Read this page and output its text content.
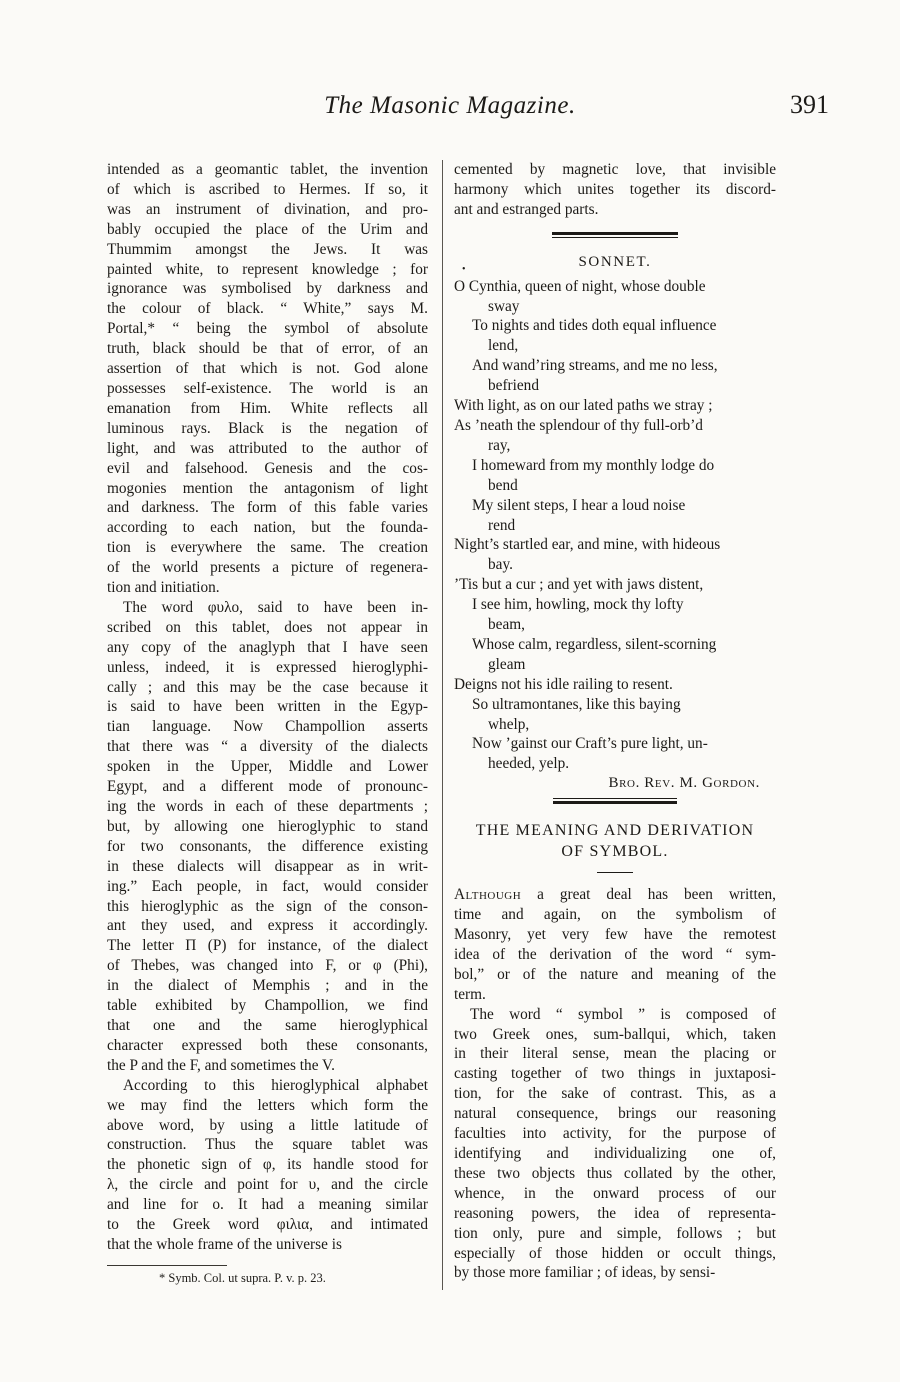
The Masonic Magazine.	391

intended as a geomantic tablet, the invention
of which is ascribed to Hermes. If so, it
was an instrument of divination, and pro-
bably occupied the place of the Urim and
Thummim amongst the Jews. It was
painted white, to represent knowledge ; for
ignorance was symbolised by darkness and
the colour of black. “ White,” says M.
Portal,* “ being the symbol of absolute
truth, black should be that of error, of an
assertion of that which is not. God alone
possesses self-existence. The world is an
emanation from Him. White reflects all
luminous rays. Black is the negation of
light, and was attributed to the author of
evil and falsehood. Genesis and the cos-
mogonies mention the antagonism of light
and darkness. The form of this fable varies
according to each nation, but the founda-
tion is everywhere the same. The creation
of the world presents a picture of regenera-
tion and initiation.

The word φυλο, said to have been in-
scribed on this tablet, does not appear in
any copy of the anaglyph that I have seen
unless, indeed, it is expressed hieroglyphi-
cally ; and this may be the case because it
is said to have been written in the Egyp-
tian language. Now Champollion asserts
that there was “ a diversity of the dialects
spoken in the Upper, Middle and Lower
Egypt, and a different mode of pronounc-
ing the words in each of these departments ;
but, by allowing one hieroglyphic to stand
for two consonants, the difference existing
in these dialects will disappear as in writ-
ing.” Each people, in fact, would consider
this hieroglyphic as the sign of the conson-
ant they used, and express it accordingly.
The letter Π (P) for instance, of the dialect
of Thebes, was changed into F, or φ (Phi),
in the dialect of Memphis ; and in the
table exhibited by Champollion, we find
that one and the same hieroglyphical
character expressed both these consonants,
the P and the F, and sometimes the V.

According to this hieroglyphical alphabet
we may find the letters which form the
above word, by using a little latitude of
construction. Thus the square tablet was
the phonetic sign of φ, its handle stood for
λ, the circle and point for υ, and the circle
and line for o. It had a meaning similar
to the Greek word φιλια, and intimated
that the whole frame of the universe is

* Symb. Col. ut supra. P. v. p. 23.
•

cemented by magnetic love, that invisible
harmony which unites together its discord-
ant and estranged parts.

SONNET.
O Cynthia, queen of night, whose double
sway
To nights and tides doth equal influence
lend,
And wand’ring streams, and me no less,
befriend
With light, as on our lated paths we stray ;
As ’neath the splendour of thy full-orb’d
ray,
I homeward from my monthly lodge do
bend
My silent steps, I hear a loud noise
rend
Night’s startled ear, and mine, with hideous
bay.
’Tis but a cur ; and yet with jaws distent,
I see him, howling, mock thy lofty
beam,
Whose calm, regardless, silent-scorning
gleam
Deigns not his idle railing to resent.
So ultramontanes, like this baying
whelp,
Now ’gainst our Craft’s pure light, un-
heeded, yelp.
Bro. Rev. M. Gordon.
THE MEANING AND DERIVATION
OF SYMBOL.

Although a great deal has been written,
time and again, on the symbolism of
Masonry, yet very few have the remotest
idea of the derivation of the word “ sym-
bol,” or of the nature and meaning of the
term.

The word “ symbol ” is composed of
two Greek ones, sum-ballqui, which, taken
in their literal sense, mean the placing or
casting together of two things in juxtaposi-
tion, for the sake of contrast. This, as a
natural consequence, brings our reasoning
faculties into activity, for the purpose of
identifying and individualizing one of,
these two objects thus collated by the other,
whence, in the onward process of our
reasoning powers, the idea of representa-
tion only, pure and simple, follows ; but
especially of those hidden or occult things,
by those more familiar ; of ideas, by sensi-
